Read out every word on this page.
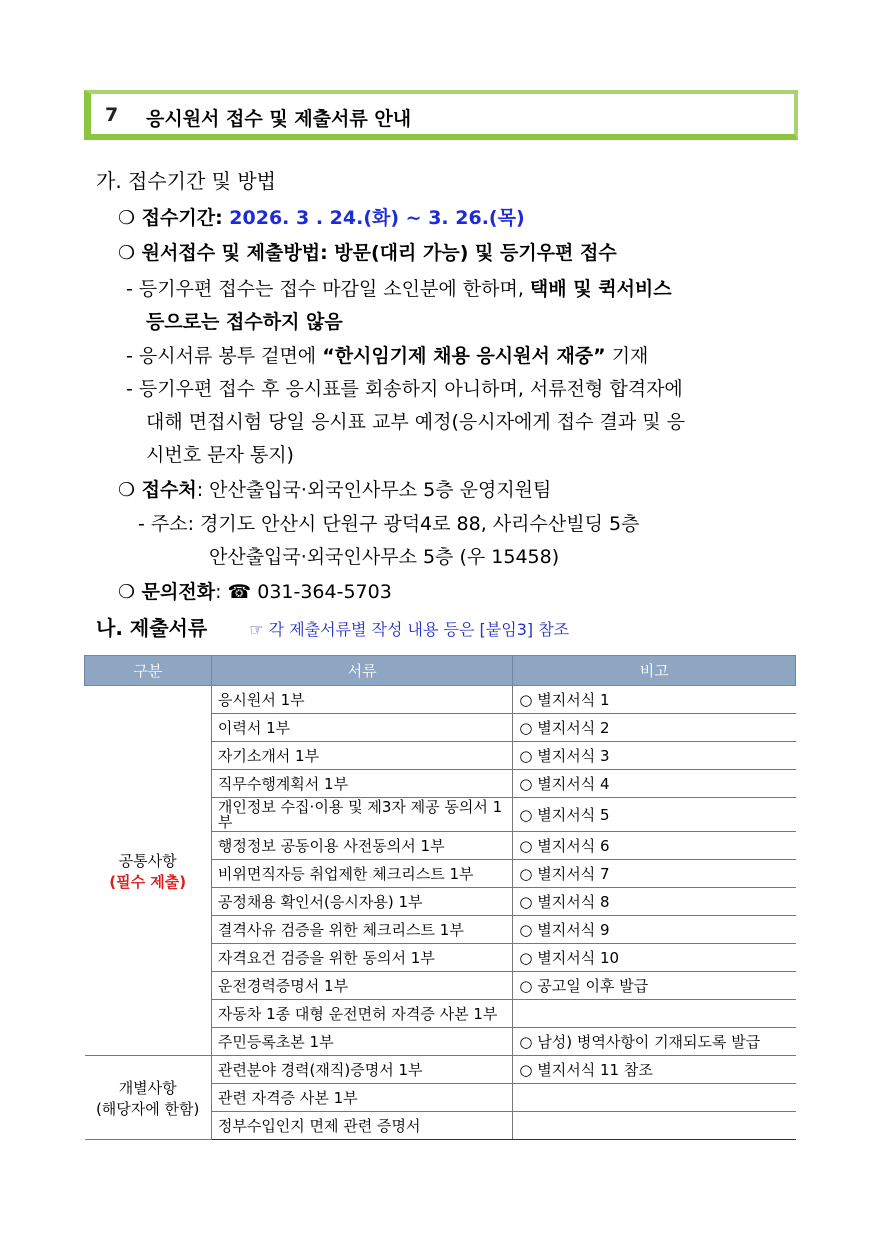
7 응시원서 접수 및 제출서류 안내
가. 접수기간 및 방법
❍ 접수기간: 2026. 3 . 24.(화) ~ 3. 26.(목)
❍ 원서접수 및 제출방법: 방문(대리 가능) 및 등기우편 접수
- 등기우편 접수는 접수 마감일 소인분에 한하며, 택배 및 퀵서비스
등으로는 접수하지 않음
- 응시서류 봉투 겉면에 “한시임기제 채용 응시원서 재중” 기재
- 등기우편 접수 후 응시표를 회송하지 아니하며, 서류전형 합격자에
대해 면접시험 당일 응시표 교부 예정(응시자에게 접수 결과 및 응
시번호 문자 통지)
❍ 접수처: 안산출입국·외국인사무소 5층 운영지원팀
- 주소: 경기도 안산시 단원구 광덕4로 88, 사리수산빌딩 5층
안산출입국·외국인사무소 5층 (우 15458)
❍ 문의전화: ☎ 031-364-5703
나. 제출서류	☞ 각 제출서류별 작성 내용 등은 [붙임3] 참조
구분	서류	비고

공통사항
(필수 제출)	응시원서 1부	○ 별지서식 1
	이력서 1부	○ 별지서식 2
	자기소개서 1부	○ 별지서식 3
	직무수행계획서 1부	○ 별지서식 4
	개인정보 수집·이용 및 제3자 제공 동의서 1부	○ 별지서식 5
	행정정보 공동이용 사전동의서 1부	○ 별지서식 6
	비위면직자등 취업제한 체크리스트 1부	○ 별지서식 7
	공정채용 확인서(응시자용) 1부	○ 별지서식 8
	결격사유 검증을 위한 체크리스트 1부	○ 별지서식 9
	자격요건 검증을 위한 동의서 1부	○ 별지서식 10
	운전경력증명서 1부	○ 공고일 이후 발급
	자동차 1종 대형 운전면허 자격증 사본 1부	
	주민등록초본 1부	○ 남성) 병역사항이 기재되도록 발급

개별사항
(해당자에 한함)	관련분야 경력(재직)증명서 1부	○ 별지서식 11 참조
	관련 자격증 사본 1부	
	정부수입인지 면제 관련 증명서	
